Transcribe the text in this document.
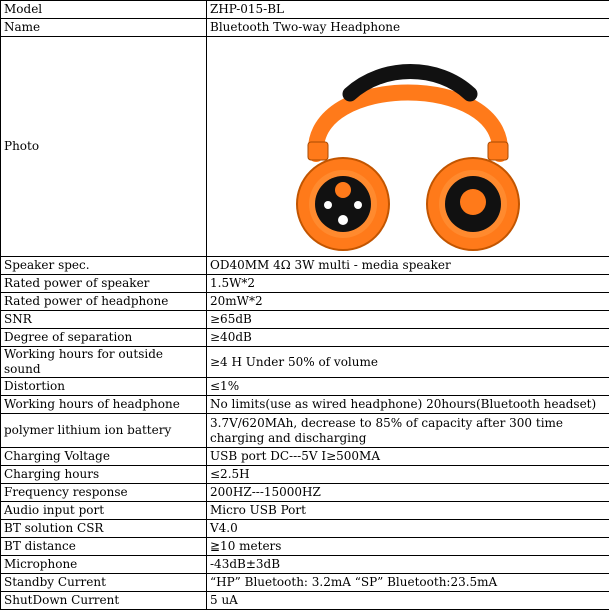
Model	ZHP-015-BL
Name	Bluetooth Two-way Headphone
Photo	

Speaker spec.	OD40MM 4Ω 3W multi - media speaker
Rated power of speaker	1.5W*2
Rated power of headphone	20mW*2
SNR	≥65dB
Degree of separation	≥40dB
Working hours for outside sound	≥4 H Under 50% of volume
Distortion	≤1%
Working hours of headphone	No limits(use as wired headphone) 20hours(Bluetooth headset)
polymer lithium ion battery	3.7V/620MAh, decrease to 85% of capacity after 300 time charging and discharging
Charging Voltage	USB port DC---5V I≥500MA
Charging hours	≤2.5H
Frequency response	200HZ---15000HZ
Audio input port	Micro USB Port
BT solution CSR	V4.0
BT distance	≧10 meters
Microphone	-43dB±3dB
Standby Current	“HP” Bluetooth: 3.2mA “SP” Bluetooth:23.5mA
ShutDown Current	5 uA
